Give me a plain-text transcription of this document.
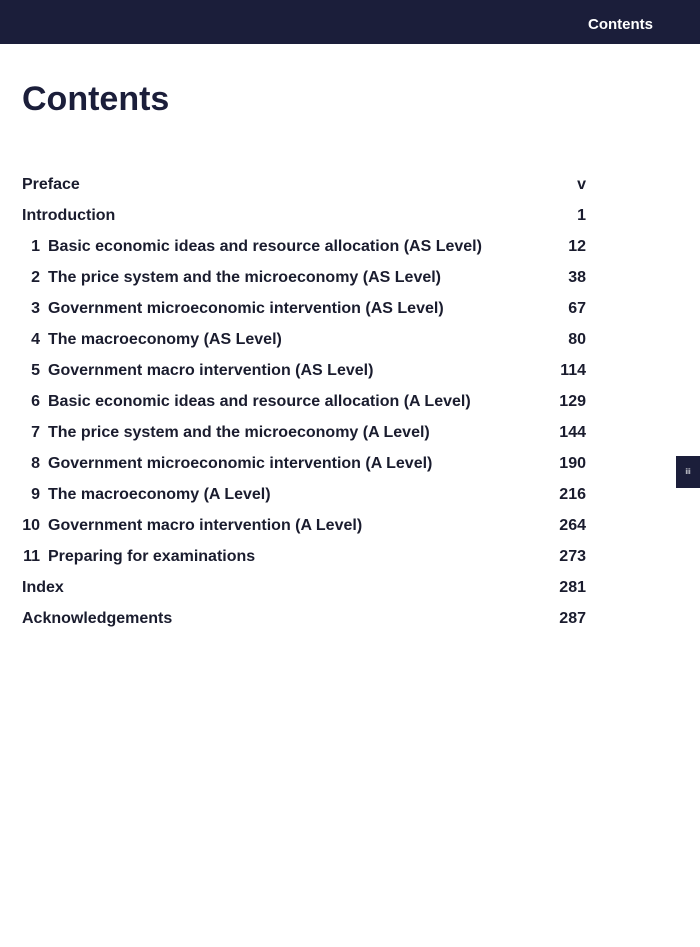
Contents
Contents
Preface	v
Introduction	1
1 Basic economic ideas and resource allocation (AS Level)	12
2 The price system and the microeconomy (AS Level)	38
3 Government microeconomic intervention (AS Level)	67
4 The macroeconomy (AS Level)	80
5 Government macro intervention (AS Level)	114
6 Basic economic ideas and resource allocation (A Level)	129
7 The price system and the microeconomy (A Level)	144
8 Government microeconomic intervention (A Level)	190
9 The macroeconomy (A Level)	216
10 Government macro intervention (A Level)	264
11 Preparing for examinations	273
Index	281
Acknowledgements	287
iii
